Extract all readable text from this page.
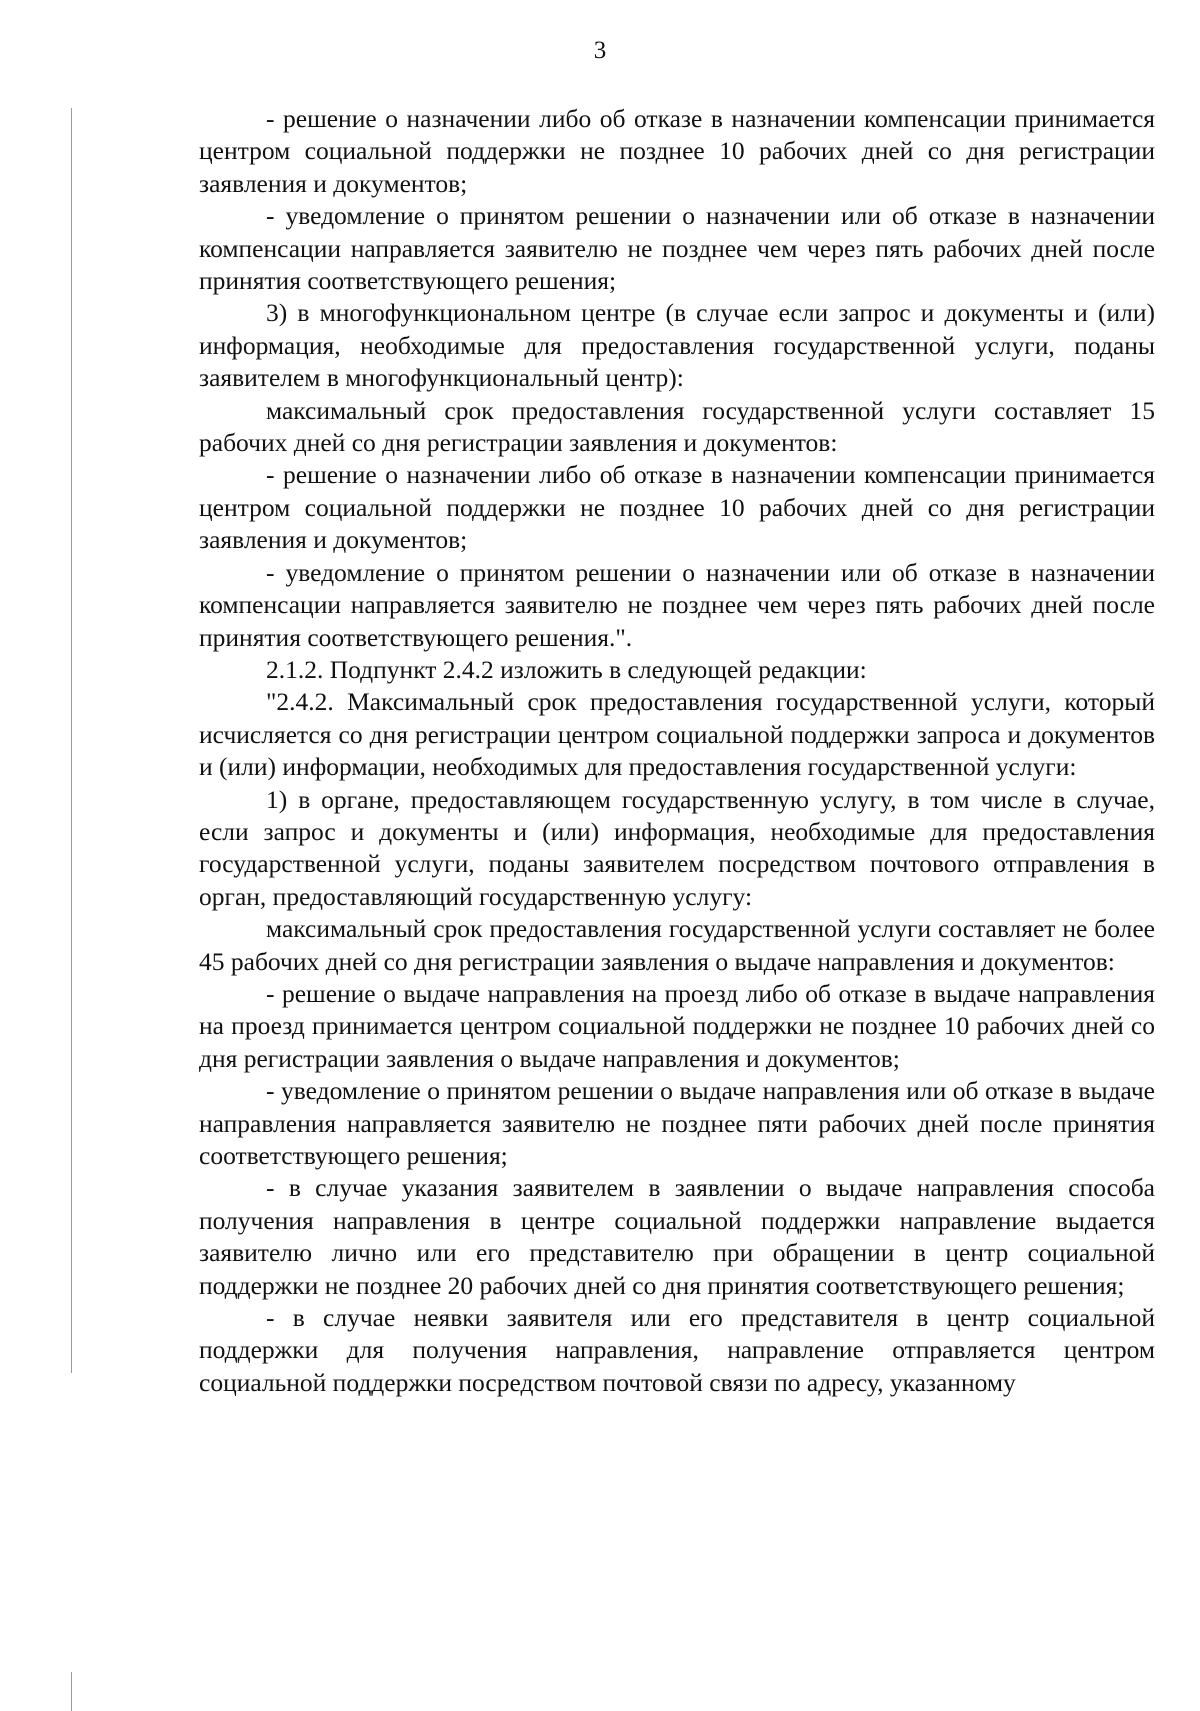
3

- решение о назначении либо об отказе в назначении компенсации принимается центром социальной поддержки не позднее 10 рабочих дней со дня регистрации заявления и документов;

- уведомление о принятом решении о назначении или об отказе в назначении компенсации направляется заявителю не позднее чем через пять рабочих дней после принятия соответствующего решения;

3) в многофункциональном центре (в случае если запрос и документы и (или) информация, необходимые для предоставления государственной услуги, поданы заявителем в многофункциональный центр):

максимальный срок предоставления государственной услуги составляет 15 рабочих дней со дня регистрации заявления и документов:

- решение о назначении либо об отказе в назначении компенсации принимается центром социальной поддержки не позднее 10 рабочих дней со дня регистрации заявления и документов;

- уведомление о принятом решении о назначении или об отказе в назначении компенсации направляется заявителю не позднее чем через пять рабочих дней после принятия соответствующего решения.".

2.1.2. Подпункт 2.4.2 изложить в следующей редакции:

"2.4.2. Максимальный срок предоставления государственной услуги, который исчисляется со дня регистрации центром социальной поддержки запроса и документов и (или) информации, необходимых для предоставления государственной услуги:

1) в органе, предоставляющем государственную услугу, в том числе в случае, если запрос и документы и (или) информация, необходимые для предоставления государственной услуги, поданы заявителем посредством почтового отправления в орган, предоставляющий государственную услугу:

максимальный срок предоставления государственной услуги составляет не более 45 рабочих дней со дня регистрации заявления о выдаче направления и документов:

- решение о выдаче направления на проезд либо об отказе в выдаче направления на проезд принимается центром социальной поддержки не позднее 10 рабочих дней со дня регистрации заявления о выдаче направления и документов;

- уведомление о принятом решении о выдаче направления или об отказе в выдаче направления направляется заявителю не позднее пяти рабочих дней после принятия соответствующего решения;

- в случае указания заявителем в заявлении о выдаче направления способа получения направления в центре социальной поддержки направление выдается заявителю лично или его представителю при обращении в центр социальной поддержки не позднее 20 рабочих дней со дня принятия соответствующего решения;

- в случае неявки заявителя или его представителя в центр социальной поддержки для получения направления, направление отправляется центром социальной поддержки посредством почтовой связи по адресу, указанному
